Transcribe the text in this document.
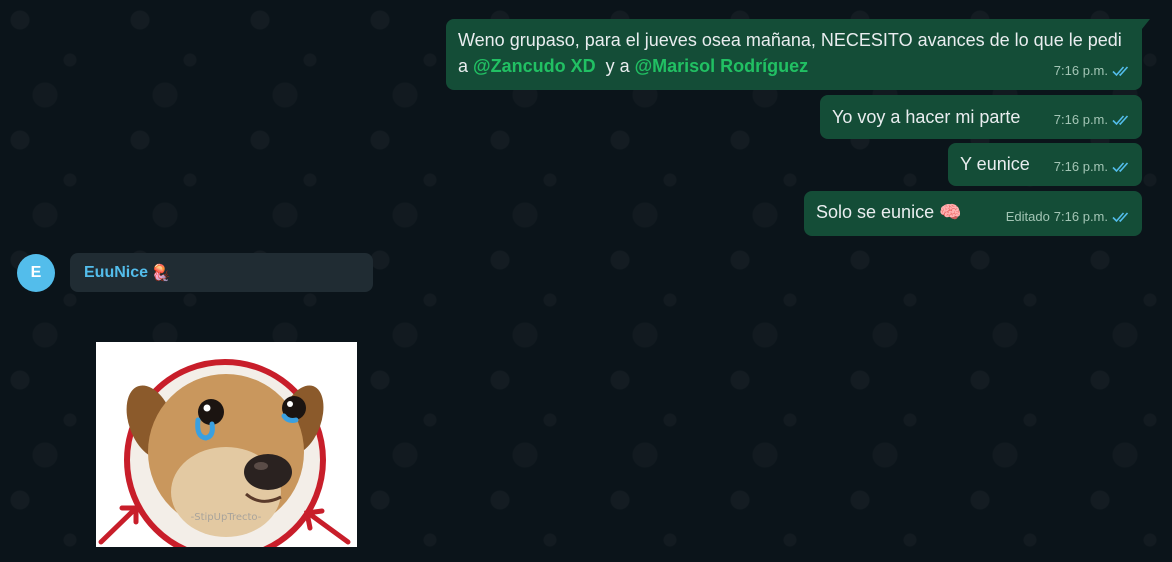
Weno grupaso, para el jueves osea mañana, NECESITO avances de lo que le pedi a @Zancudo XD  y a @Marisol Rodríguez	7:16 p.m.
Yo voy a hacer mi parte	7:16 p.m.
Y eunice 7:16 p.m.
Solo se eunice 🧠	Editado 7:16 p.m.
E	EuuNice 🪼
-StipUpTrecto-
